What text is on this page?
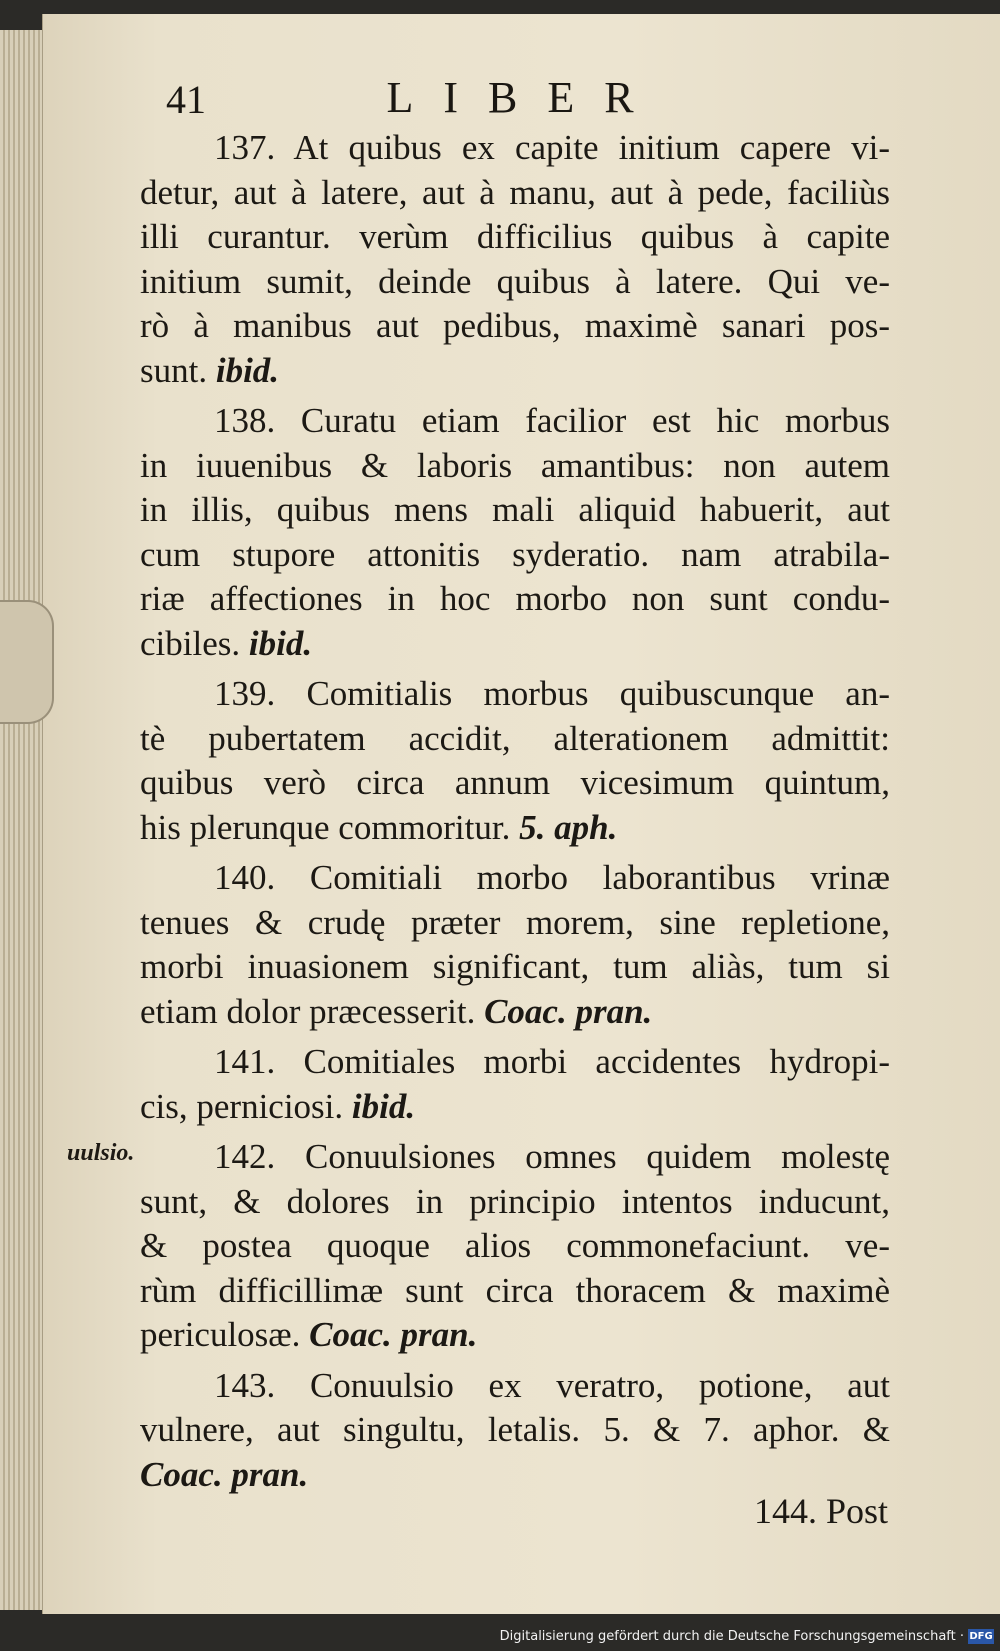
uulsio.
41	LIBER
137. At quibus ex capite initium capere vi-
detur, aut à latere, aut à manu, aut à pede, faciliùs
illi curantur. verùm difficilius quibus à capite
initium sumit, deinde quibus à latere. Qui ve-
rò à manibus aut pedibus, maximè sanari pos-
sunt. ibid.
138. Curatu etiam facilior est hic morbus
in iuuenibus & laboris amantibus: non autem
in illis, quibus mens mali aliquid habuerit, aut
cum stupore attonitis syderatio. nam atrabila-
riæ affectiones in hoc morbo non sunt condu-
cibiles. ibid.
139. Comitialis morbus quibuscunque an-
tè pubertatem accidit, alterationem admittit:
quibus verò circa annum vicesimum quintum,
his plerunque commoritur. 5. aph.
140. Comitiali morbo laborantibus vrinæ
tenues & crudę præter morem, sine repletione,
morbi inuasionem significant, tum aliàs, tum si
etiam dolor præcesserit. Coac. pran.
141. Comitiales morbi accidentes hydropi-
cis, perniciosi. ibid.
142. Conuulsiones omnes quidem molestę
sunt, & dolores in principio intentos inducunt,
& postea quoque alios commonefaciunt. ve-
rùm difficillimæ sunt circa thoracem & maximè
periculosæ. Coac. pran.
143. Conuulsio ex veratro, potione, aut
vulnere, aut singultu, letalis. 5. & 7. aphor. &
Coac. pran.
144. Post
Digitalisierung gefördert durch die Deutsche Forschungsgemeinschaft · DFG
